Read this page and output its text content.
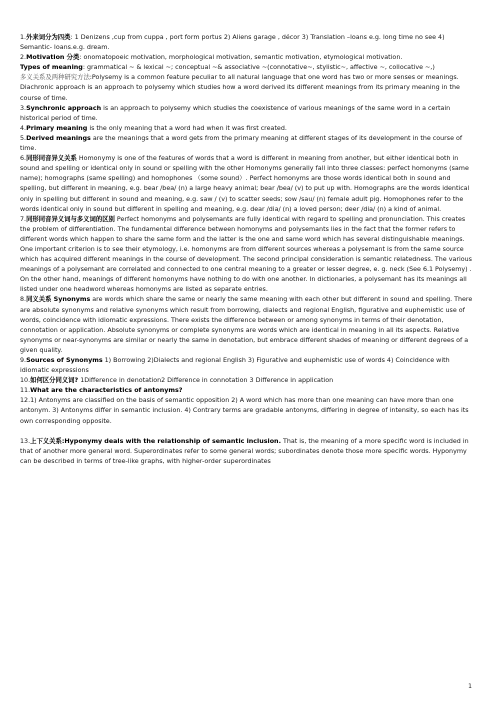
1.外来词分为四类: 1 Denizens ,cup from cuppa , port form portus 2) Aliens garage , décor 3) Translation –loans e.g. long time no see 4) Semantic- loans.e.g. dream.

2.Motivation 分类: onomatopoeic motivation, morphological motivation, semantic motivation, etymological motivation.

Types of meaning: grammatical ~ & lexical ~; conceptual ~& associative ~(connotative~, stylistic~, affective ~, collocative ~,)

多义关系及两种研究方法:Polysemy is a common feature peculiar to all natural language that one word has two or more senses or meanings. Diachronic approach is an approach to polysemy which studies how a word derived its different meanings from its primary meaning in the course of time.

3.Synchronic approach is an approach to polysemy which studies the coexistence of various meanings of the same word in a certain historical period of time.

4.Primary meaning is the only meaning that a word had when it was first created.

5.Derived meanings are the meanings that a word gets from the primary meaning at different stages of its development in the course of time.

6.同形同音异义关系 Homonymy is one of the features of words that a word is different in meaning from another, but either identical both in sound and spelling or identical only in sound or spelling with the other Homonyms generally fall into three classes: perfect homonyms (same name); homographs (same spelling) and homophones （some sound）. Perfect homonyms are those words identical both in sound and spelling, but different in meaning, e.g. bear /bea/ (n) a large heavy animal; bear /bea/ (v) to put up with. Homographs are the words identical only in spelling but different in sound and meaning, e.g. saw / (v) to scatter seeds; sow /sau/ (n) female adult pig. Homophones refer to the words identical only in sound but different in spelling and meaning, e.g. dear /dia/ (n) a loved person; deer /dia/ (n) a kind of animal.

7.同形同音异义词与多义词的区别 Perfect homonyms and polysemants are fully identical with regard to spelling and pronunciation. This creates the problem of differentiation. The fundamental difference between homonyms and polysemants lies in the fact that the former refers to different words which happen to share the same form and the latter is the one and same word which has several distinguishable meanings. One important criterion is to see their etymology, i.e. homonyms are from different sources whereas a polysemant is from the same source which has acquired different meanings in the course of development. The second principal consideration is semantic relatedness. The various meanings of a polysemant are correlated and connected to one central meaning to a greater or lesser degree, e. g. neck (See 6.1 Polysemy) . On the other hand, meanings of different homonyms have nothing to do with one another. In dictionaries, a polysemant has its meanings all listed under one headword whereas homonyms are listed as separate entries.

8.同义关系 Synonyms are words which share the same or nearly the same meaning with each other but different in sound and spelling. There are absolute synonyms and relative synonyms which result from borrowing, dialects and regional English, figurative and euphemistic use of words, coincidence with idiomatic expressions. There exists the difference between or among synonyms in terms of their denotation, connotation or application. Absolute synonyms or complete synonyms are words which are identical in meaning in all its aspects. Relative synonyms or near-synonyms are similar or nearly the same in denotation, but embrace different shades of meaning or different degrees of a given quality.

9.Sources of Synonyms 1) Borrowing 2)Dialects and regional English 3) Figurative and euphemistic use of words 4) Coincidence with idiomatic expressions

10.如何区分同义词? 1Difference in denotation2 Difference in connotation 3 Difference in application

11.What are the characteristics of antonyms?

12.1) Antonyms are classified on the basis of semantic opposition 2) A word which has more than one meaning can have more than one antonym. 3) Antonyms differ in semantic inclusion. 4) Contrary terms are gradable antonyms, differing in degree of intensity, so each has its own corresponding opposite.

13.上下义关系:Hyponymy deals with the relationship of semantic inclusion. That is, the meaning of a more specific word is included in that of another more general word. Superordinates refer to some general words; subordinates denote those more specific words. Hyponymy can be described in terms of tree-like graphs, with higher-order superordinates

1
